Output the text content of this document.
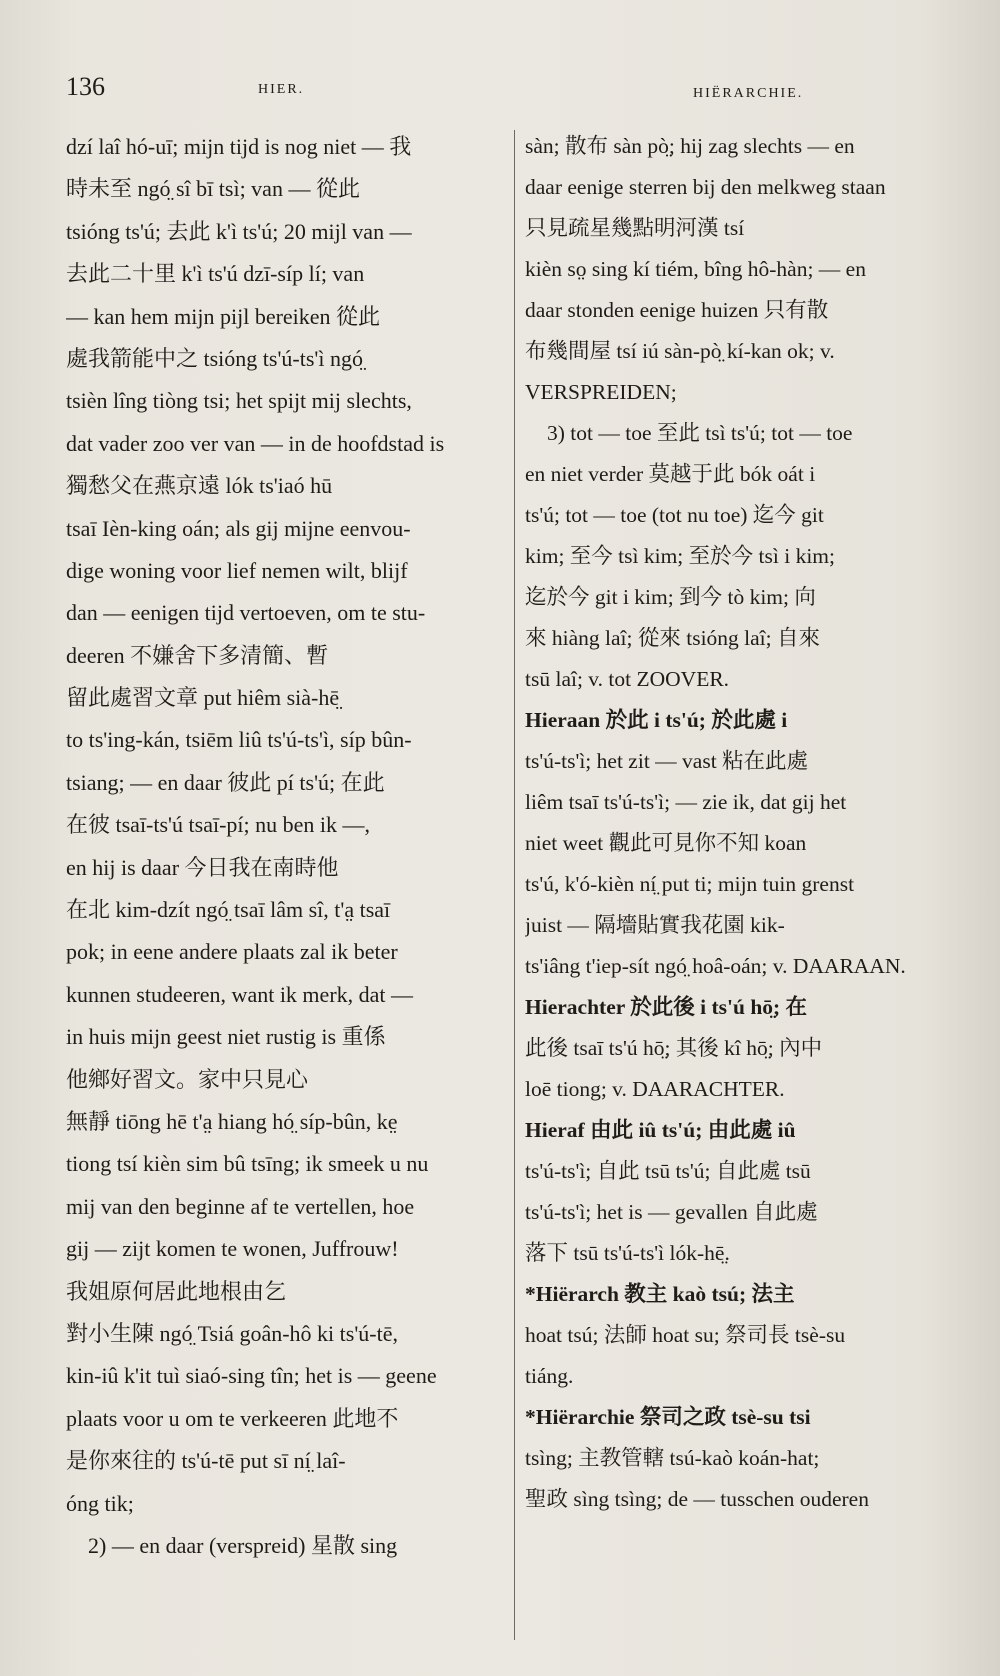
136	HIER.	HIËRARCHIE.
dzí laî hó-uī; mijn tijd is nog niet — 我
時未至 ngó̤ sî bī tsì; van — 從此
tsióng ts'ú; 去此 k'ì ts'ú; 20 mijl van —
去此二十里 k'ì ts'ú dzī-síp lí; van
— kan hem mijn pijl bereiken 從此
處我箭能中之 tsióng ts'ú-ts'ì ngó̤
tsièn lîng tiòng tsi; het spijt mij slechts,
dat vader zoo ver van — in de hoofdstad is
獨愁父在燕京遠 lók ts'iaó hū
tsaī Ièn-king oán; als gij mijne eenvou-
dige woning voor lief nemen wilt, blijf
dan — eenigen tijd vertoeven, om te stu-
deeren 不嫌舍下多清簡、暫
留此處習文章 put hiêm sià-hē̤
to ts'ing-kán, tsiēm liû ts'ú-ts'ì, síp bûn-
tsiang; — en daar 彼此 pí ts'ú; 在此
在彼 tsaī-ts'ú tsaī-pí; nu ben ik —,
en hij is daar 今日我在南時他
在北 kim-dzít ngó̤ tsaī lâm sî, t'a̤ tsaī
pok; in eene andere plaats zal ik beter
kunnen studeeren, want ik merk, dat —
in huis mijn geest niet rustig is 重係
他鄉好習文。家中只見心
無靜 tiōng hē t'a̤ hiang hó̤ síp-bûn, ke̤
tiong tsí kièn sim bû tsīng; ik smeek u nu
mij van den beginne af te vertellen, hoe
gij — zijt komen te wonen, Juffrouw!
我姐原何居此地根由乞
對小生陳 ngó̤ Tsiá goân-hô ki ts'ú-tē,
kin-iû k'it tuì siaó-sing tîn; het is — geene
plaats voor u om te verkeeren 此地不
是你來往的 ts'ú-tē put sī ní̤ laî-
óng tik;
2) — en daar (verspreid) 星散 sing
sàn; 散布 sàn pò̤; hij zag slechts — en
daar eenige sterren bij den melkweg staan
只見疏星幾點明河漢 tsí
kièn so̤ sing kí tiém, bîng hô-hàn; — en
daar stonden eenige huizen 只有散
布幾間屋 tsí iú sàn-pò̤ kí-kan ok; v.
VERSPREIDEN;
3) tot — toe 至此 tsì ts'ú; tot — toe
en niet verder 莫越于此 bók oát i
ts'ú; tot — toe (tot nu toe) 迄今 git
kim; 至今 tsì kim; 至於今 tsì i kim;
迄於今 git i kim; 到今 tò kim; 向
來 hiàng laî; 從來 tsióng laî; 自來
tsū laî; v. tot ZOOVER.
Hieraan 於此 i ts'ú; 於此處 i
ts'ú-ts'ì; het zit — vast 粘在此處
liêm tsaī ts'ú-ts'ì; — zie ik, dat gij het
niet weet 觀此可見你不知 koan
ts'ú, k'ó-kièn ní̤ put ti; mijn tuin grenst
juist — 隔墻貼實我花園 kik-
ts'iâng t'iep-sít ngó̤ hoâ-oán; v. DAARAAN.
Hierachter 於此後 i ts'ú hō̤; 在
此後 tsaī ts'ú hō̤; 其後 kî hō̤; 內中
loē tiong; v. DAARACHTER.
Hieraf 由此 iû ts'ú; 由此處 iû
ts'ú-ts'ì; 自此 tsū ts'ú; 自此處 tsū
ts'ú-ts'ì; het is — gevallen 自此處
落下 tsū ts'ú-ts'ì lók-hē̤.
*Hiërarch 教主 kaò tsú; 法主
hoat tsú; 法師 hoat su; 祭司長 tsè-su
tiáng.
*Hiërarchie 祭司之政 tsè-su tsi
tsìng; 主教管轄 tsú-kaò koán-hat;
聖政 sìng tsìng; de — tusschen ouderen
